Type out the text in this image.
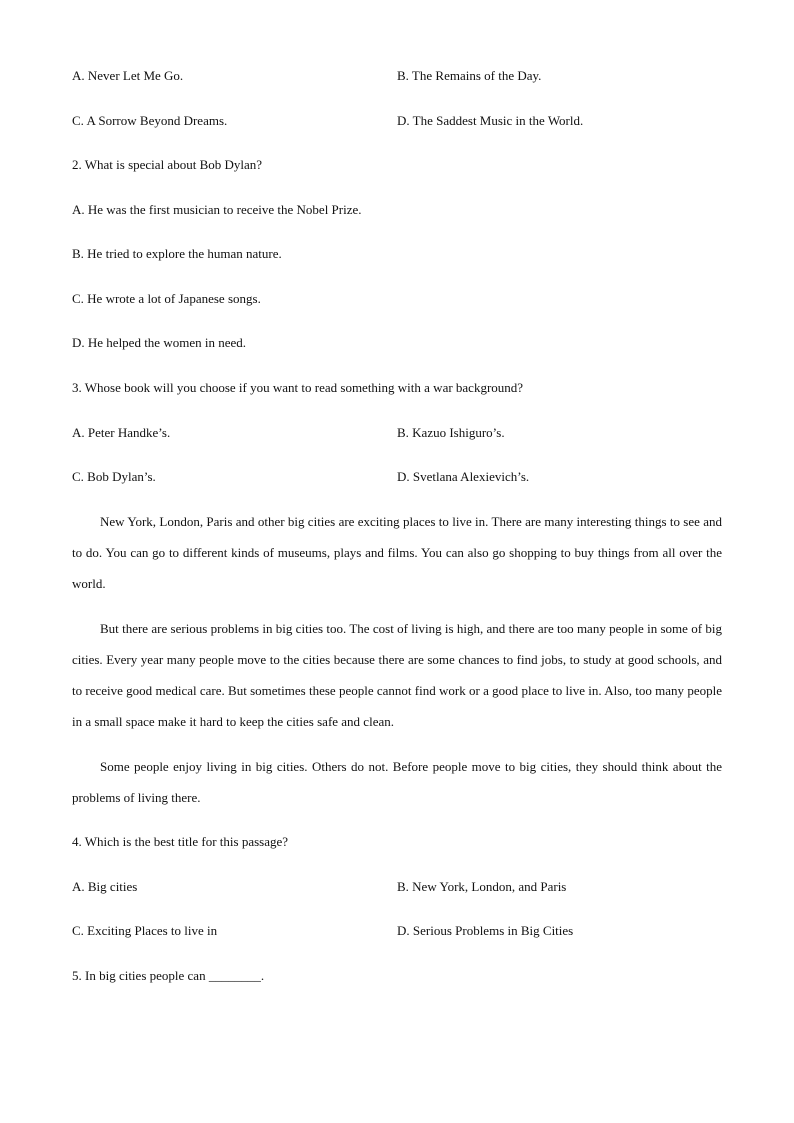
A. Never Let Me Go.	B. The Remains of the Day.
C. A Sorrow Beyond Dreams.	D. The Saddest Music in the World.
2. What is special about Bob Dylan?
A. He was the first musician to receive the Nobel Prize.
B. He tried to explore the human nature.
C. He wrote a lot of Japanese songs.
D. He helped the women in need.
3. Whose book will you choose if you want to read something with a war background?
A. Peter Handke’s.	B. Kazuo Ishiguro’s.
C. Bob Dylan’s.	D. Svetlana Alexievich’s.
New York, London, Paris and other big cities are exciting places to live in. There are many interesting things to see and to do. You can go to different kinds of museums, plays and films. You can also go shopping to buy things from all over the world.
But there are serious problems in big cities too. The cost of living is high, and there are too many people in some of big cities. Every year many people move to the cities because there are some chances to find jobs, to study at good schools, and to receive good medical care. But sometimes these people cannot find work or a good place to live in. Also, too many people in a small space make it hard to keep the cities safe and clean.
Some people enjoy living in big cities. Others do not. Before people move to big cities, they should think about the problems of living there.
4. Which is the best title for this passage?
A. Big cities	B. New York, London, and Paris
C. Exciting Places to live in	D. Serious Problems in Big Cities
5. In big cities people can ________.
